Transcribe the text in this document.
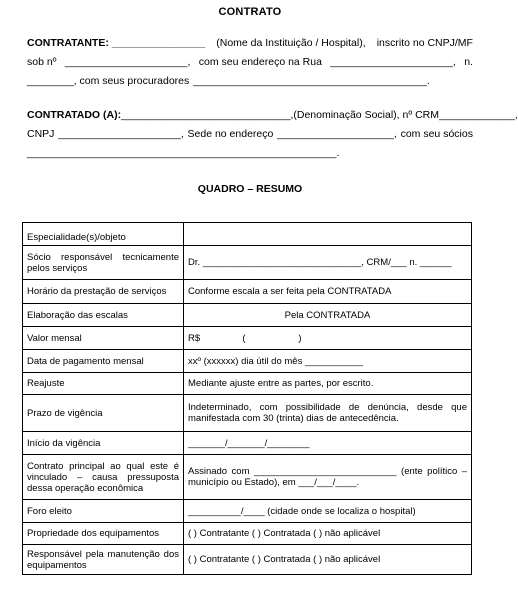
CONTRATO
CONTRATANTE: ________________ (Nome da Instituição / Hospital), inscrito no CNPJ/MF
sob nº _____________________, com seu endereço na Rua _____________________, n.
________, com seus procuradores ________________________________________.
CONTRATADO (A): _____________________________, (Denominação Social), nº CRM _____________,
CNPJ _____________________, Sede no endereço ____________________, com seu sócios
_____________________________________________________.
QUADRO – RESUMO
Especialidade(s)/objeto	
Sócio responsável tecnicamente pelos serviços	Dr. ______________________________, CRM/___ n. ______
Horário da prestação de serviços	Conforme escala a ser feita pela CONTRATADA
Elaboração das escalas	Pela CONTRATADA
Valor mensal	R$                (                    )
Data de pagamento mensal	xxº (xxxxxx) dia útil do mês ___________
Reajuste	Mediante ajuste entre as partes, por escrito.
Prazo de vigência	Indeterminado, com possibilidade de denúncia, desde que manifestada com 30 (trinta) dias de antecedência.
Início da vigência	_______/_______/________
Contrato principal ao qual este é vinculado – causa pressuposta dessa operação econômica	Assinado com ___________________________ (ente político – município ou Estado), em ___/___/____.
Foro eleito	__________/____ (cidade onde se localiza o hospital)
Propriedade dos equipamentos	( ) Contratante ( ) Contratada ( ) não aplicável
Responsável pela manutenção dos equipamentos	( ) Contratante ( ) Contratada ( ) não aplicável
